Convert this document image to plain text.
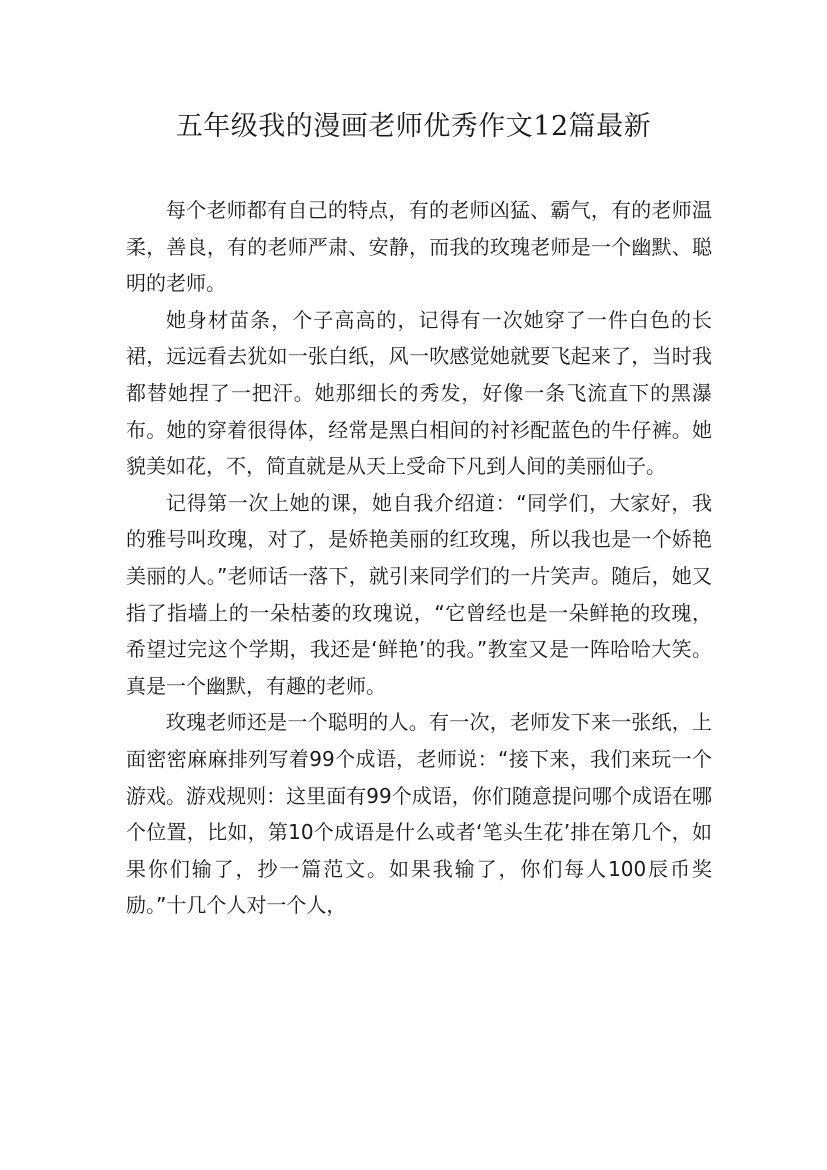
五年级我的漫画老师优秀作文12篇最新

每个老师都有自己的特点，有的老师凶猛、霸气，有的老师温柔，善良，有的老师严肃、安静，而我的玫瑰老师是一个幽默、聪明的老师。

她身材苗条，个子高高的，记得有一次她穿了一件白色的长裙，远远看去犹如一张白纸，风一吹感觉她就要飞起来了，当时我都替她捏了一把汗。她那细长的秀发，好像一条飞流直下的黑瀑布。她的穿着很得体，经常是黑白相间的衬衫配蓝色的牛仔裤。她貌美如花，不，简直就是从天上受命下凡到人间的美丽仙子。

记得第一次上她的课，她自我介绍道：“同学们，大家好，我的雅号叫玫瑰，对了，是娇艳美丽的红玫瑰，所以我也是一个娇艳美丽的人。”老师话一落下，就引来同学们的一片笑声。随后，她又指了指墙上的一朵枯萎的玫瑰说，“它曾经也是一朵鲜艳的玫瑰，希望过完这个学期，我还是‘鲜艳’的我。”教室又是一阵哈哈大笑。真是一个幽默，有趣的老师。

玫瑰老师还是一个聪明的人。有一次，老师发下来一张纸，上面密密麻麻排列写着99个成语，老师说：“接下来，我们来玩一个游戏。游戏规则：这里面有99个成语，你们随意提问哪个成语在哪个位置，比如，第10个成语是什么或者‘笔头生花’排在第几个，如果你们输了，抄一篇范文。如果我输了，你们每人100辰币奖励。”十几个人对一个人，
